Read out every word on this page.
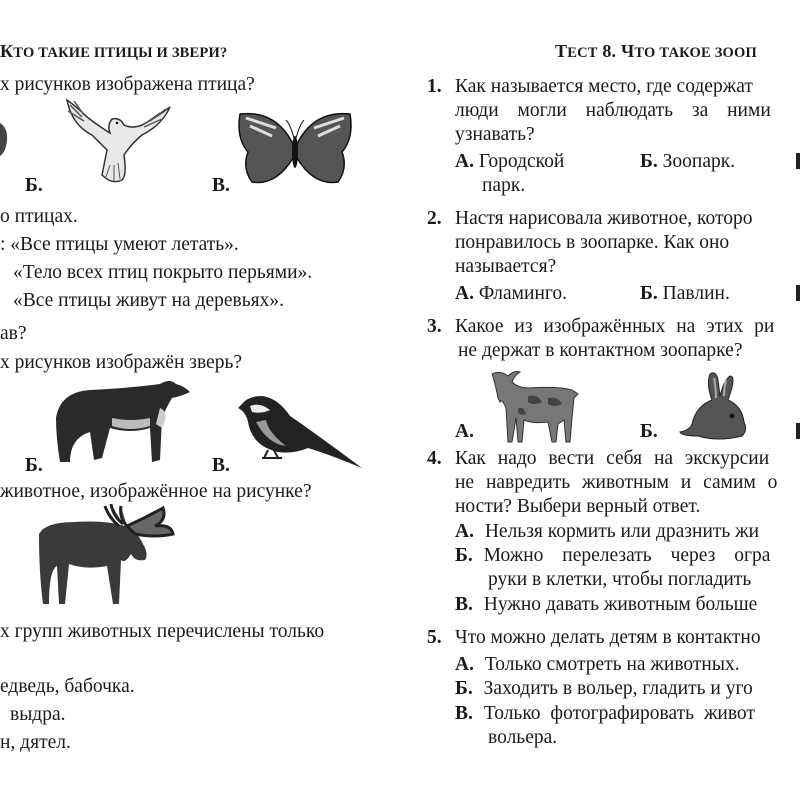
КТО ТАКИЕ ПТИЦЫ И ЗВЕРИ?
х рисунков изображена птица?
Б.	В.
о птицах.
: «Все птицы умеют летать».
«Тело всех птиц покрыто перьями».
«Все птицы живут на деревьях».
ав?
х рисунков изображён зверь?
Б.	В.
животное, изображённое на рисунке?
х групп животных перечислены только
едведь, бабочка.
выдра.
н, дятел.
ТЕСТ 8. ЧТО ТАКОЕ ЗООП
1. Как называется место, где содержат
люди могли наблюдать за ними
узнавать?
А. Городской
парк.
Б. Зоопарк.
2. Настя нарисовала животное, которо
понравилось в зоопарке. Как оно
называется?
А. Фламинго.	Б. Павлин.
3. Какое из изображённых на этих ри
не держат в контактном зоопарке?
А.	Б.
4. Как надо вести себя на экскурсии
не навредить животным и самим о
ности? Выбери верный ответ.
А. Нельзя кормить или дразнить жи
Б. Можно перелезать через огра
руки в клетки, чтобы погладить
В. Нужно давать животным больше
5. Что можно делать детям в контактно
А. Только смотреть на животных.
Б. Заходить в вольер, гладить и уго
В. Только фотографировать живот
вольера.
